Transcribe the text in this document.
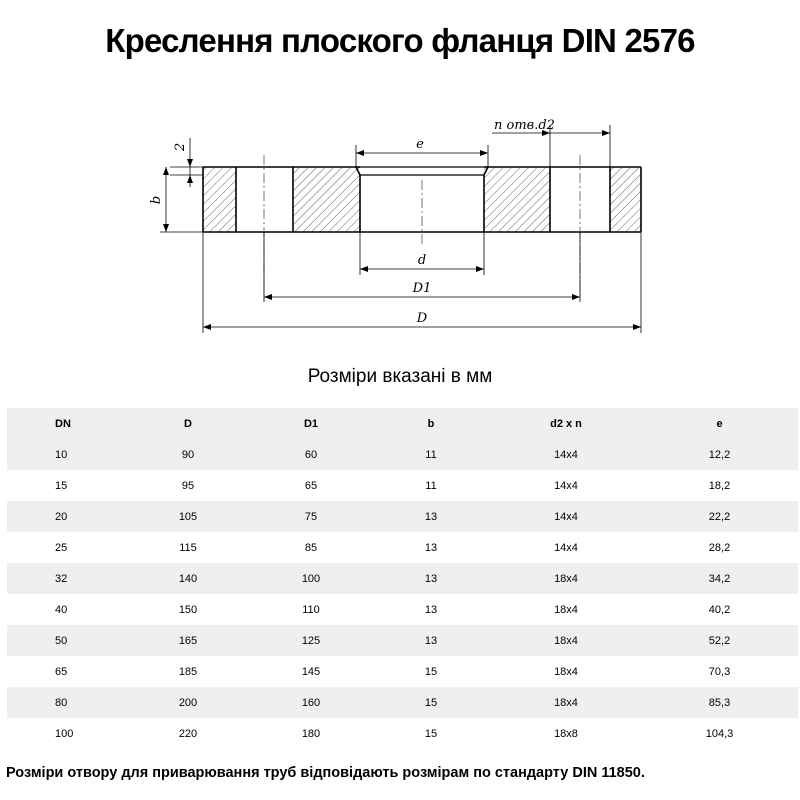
Креслення плоского фланця DIN 2576
2
b
e
n отв.d2
d
D1
D
Розміри вказані в мм
DN	D	D1	b	d2 x n	e
10	90	60	11	14x4	12,2
15	95	65	11	14x4	18,2
20	105	75	13	14x4	22,2
25	115	85	13	14x4	28,2
32	140	100	13	18x4	34,2
40	150	110	13	18x4	40,2
50	165	125	13	18x4	52,2
65	185	145	15	18x4	70,3
80	200	160	15	18x4	85,3
100	220	180	15	18x8	104,3
Розміри отвору для приварювання труб відповідають розмірам по стандарту DIN 11850.
